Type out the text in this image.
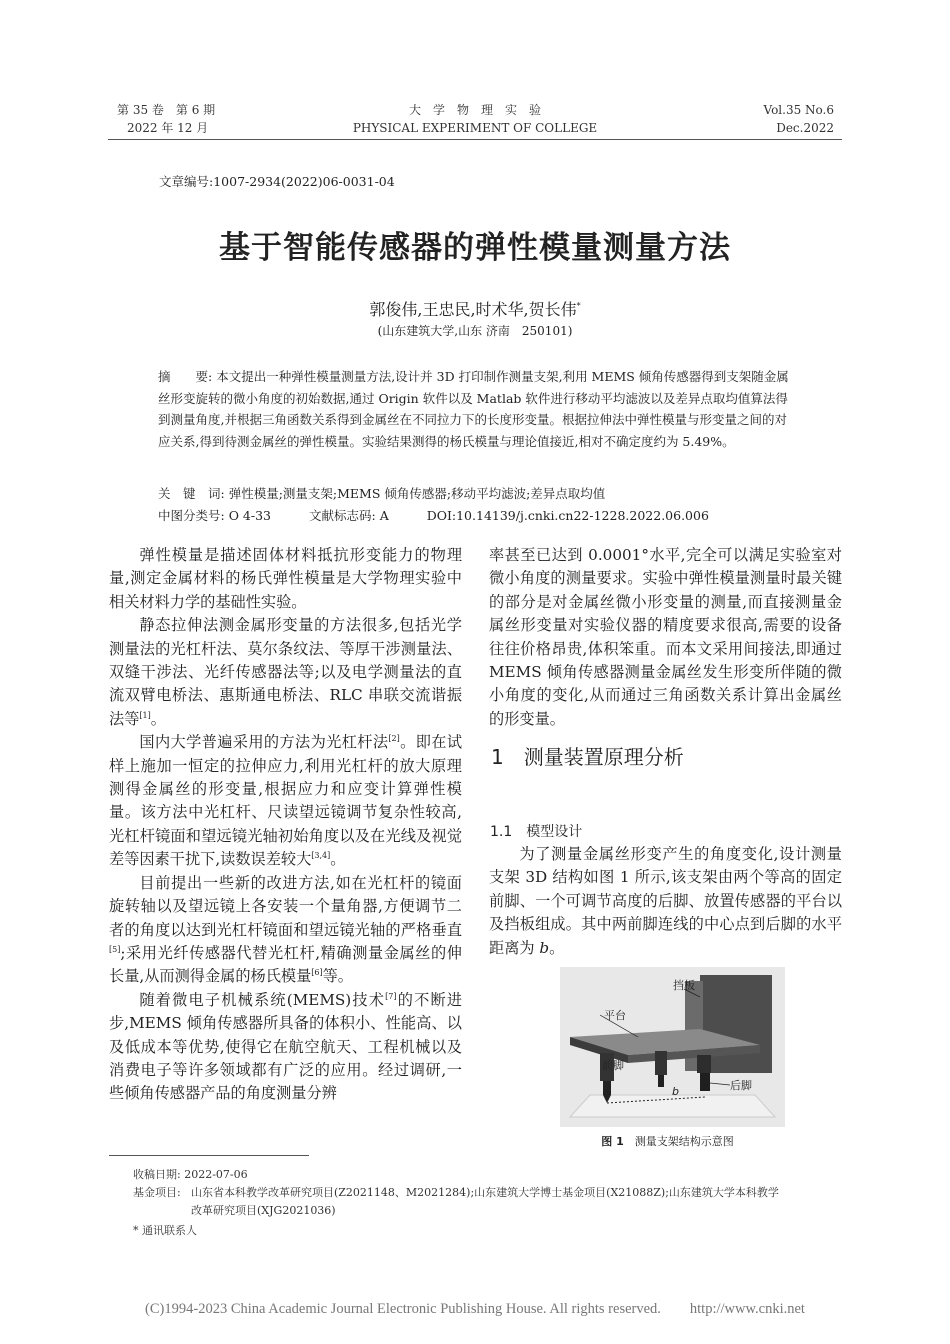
第 35 卷　第 6 期
2022 年 12 月
大　学　物　理　实　验
PHYSICAL EXPERIMENT OF COLLEGE
Vol.35 No.6
Dec.2022
文章编号:1007-2934(2022)06-0031-04
基于智能传感器的弹性模量测量方法
郭俊伟,王忠民,时术华,贺长伟*
(山东建筑大学,山东 济南　250101)
摘　　要: 本文提出一种弹性模量测量方法,设计并 3D 打印制作测量支架,利用 MEMS 倾角传感器得到支架随金属丝形变旋转的微小角度的初始数据,通过 Origin 软件以及 Matlab 软件进行移动平均滤波以及差异点取均值算法得到测量角度,并根据三角函数关系得到金属丝在不同拉力下的长度形变量。根据拉伸法中弹性模量与形变量之间的对应关系,得到待测金属丝的弹性模量。实验结果测得的杨氏模量与理论值接近,相对不确定度约为 5.49%。
关　键　词: 弹性模量;测量支架;MEMS 倾角传感器;移动平均滤波;差异点取均值
中图分类号: O 4-33	文献标志码: A	DOI:10.14139/j.cnki.cn22-1228.2022.06.006

弹性模量是描述固体材料抵抗形变能力的物理量,测定金属材料的杨氏弹性模量是大学物理实验中相关材料力学的基础性实验。

静态拉伸法测金属形变量的方法很多,包括光学测量法的光杠杆法、莫尔条纹法、等厚干涉测量法、双缝干涉法、光纤传感器法等;以及电学测量法的直流双臂电桥法、惠斯通电桥法、RLC 串联交流谐振法等[1]。

国内大学普遍采用的方法为光杠杆法[2]。即在试样上施加一恒定的拉伸应力,利用光杠杆的放大原理测得金属丝的形变量,根据应力和应变计算弹性模量。该方法中光杠杆、尺读望远镜调节复杂性较高,光杠杆镜面和望远镜光轴初始角度以及在光线及视觉差等因素干扰下,读数误差较大[3,4]。

目前提出一些新的改进方法,如在光杠杆的镜面旋转轴以及望远镜上各安装一个量角器,方便调节二者的角度以达到光杠杆镜面和望远镜光轴的严格垂直[5];采用光纤传感器代替光杠杆,精确测量金属丝的伸长量,从而测得金属的杨氏模量[6]等。

随着微电子机械系统(MEMS)技术[7]的不断进步,MEMS 倾角传感器所具备的体积小、性能高、以及低成本等优势,使得它在航空航天、工程机械以及消费电子等许多领域都有广泛的应用。经过调研,一些倾角传感器产品的角度测量分辨

率甚至已达到 0.0001°水平,完全可以满足实验室对微小角度的测量要求。实验中弹性模量测量时最关键的部分是对金属丝微小形变量的测量,而直接测量金属丝形变量对实验仪器的精度要求很高,需要的设备往往价格昂贵,体积笨重。而本文采用间接法,即通过 MEMS 倾角传感器测量金属丝发生形变所伴随的微小角度的变化,从而通过三角函数关系计算出金属丝的形变量。

1　测量装置原理分析
1.1　模型设计

为了测量金属丝形变产生的角度变化,设计测量支架 3D 结构如图 1 所示,该支架由两个等高的固定前脚、一个可调节高度的后脚、放置传感器的平台以及挡板组成。其中两前脚连线的中心点到后脚的水平距离为 b。

挡板
平台
前脚
后脚
b
图 1　 测量支架结构示意图
收稿日期: 2022-07-06
基金项目: 山东省本科教学改革研究项目(Z2021148、M2021284);山东建筑大学博士基金项目(X21088Z);山东建筑大学本科教学
改革研究项目(XJG2021036)
* 通讯联系人
(C)1994-2023 China Academic Journal Electronic Publishing House. All rights reserved.　　http://www.cnki.net
